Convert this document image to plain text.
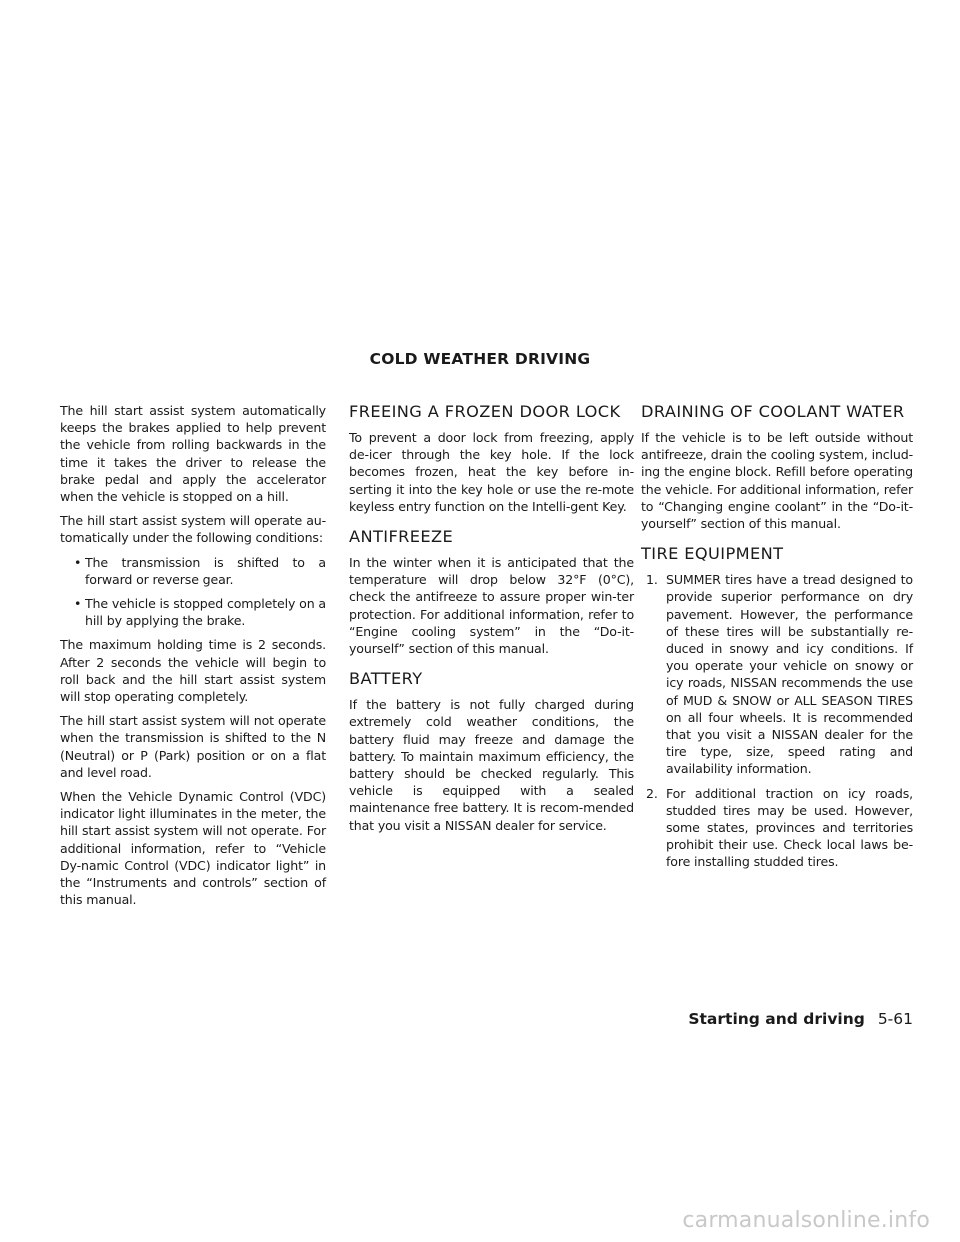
COLD WEATHER DRIVING

The hill start assist system automatically keeps the brakes applied to help prevent the vehicle from rolling backwards in the time it takes the driver to release the brake pedal and apply the accelerator when the vehicle is stopped on a hill.

The hill start assist system will operate au-tomatically under the following conditions:

• The transmission is shifted to a forward or reverse gear.
• The vehicle is stopped completely on a hill by applying the brake.

The maximum holding time is 2 seconds. After 2 seconds the vehicle will begin to roll back and the hill start assist system will stop operating completely.

The hill start assist system will not operate when the transmission is shifted to the N (Neutral) or P (Park) position or on a flat and level road.

When the Vehicle Dynamic Control (VDC) indicator light illuminates in the meter, the hill start assist system will not operate. For additional information, refer to “Vehicle Dy-namic Control (VDC) indicator light” in the “Instruments and controls” section of this manual.

FREEING A FROZEN DOOR LOCK

To prevent a door lock from freezing, apply de-icer through the key hole. If the lock becomes frozen, heat the key before in-serting it into the key hole or use the re-mote keyless entry function on the Intelli-gent Key.

ANTIFREEZE

In the winter when it is anticipated that the temperature will drop below 32°F (0°C), check the antifreeze to assure proper win-ter protection. For additional information, refer to “Engine cooling system” in the “Do-it-yourself” section of this manual.

BATTERY

If the battery is not fully charged during extremely cold weather conditions, the battery fluid may freeze and damage the battery. To maintain maximum efficiency, the battery should be checked regularly. This vehicle is equipped with a sealed maintenance free battery. It is recom-mended that you visit a NISSAN dealer for service.

DRAINING OF COOLANT WATER

If the vehicle is to be left outside without antifreeze, drain the cooling system, includ-ing the engine block. Refill before operating the vehicle. For additional information, refer to “Changing engine coolant” in the “Do-it-yourself” section of this manual.

TIRE EQUIPMENT
1. SUMMER tires have a tread designed to provide superior performance on dry pavement. However, the performance of these tires will be substantially re-duced in snowy and icy conditions. If you operate your vehicle on snowy or icy roads, NISSAN recommends the use of MUD & SNOW or ALL SEASON TIRES on all four wheels. It is recommended that you visit a NISSAN dealer for the tire type, size, speed rating and availability information.
2. For additional traction on icy roads, studded tires may be used. However, some states, provinces and territories prohibit their use. Check local laws be-fore installing studded tires.
Starting and driving 5-61
carmanualsonline.info
